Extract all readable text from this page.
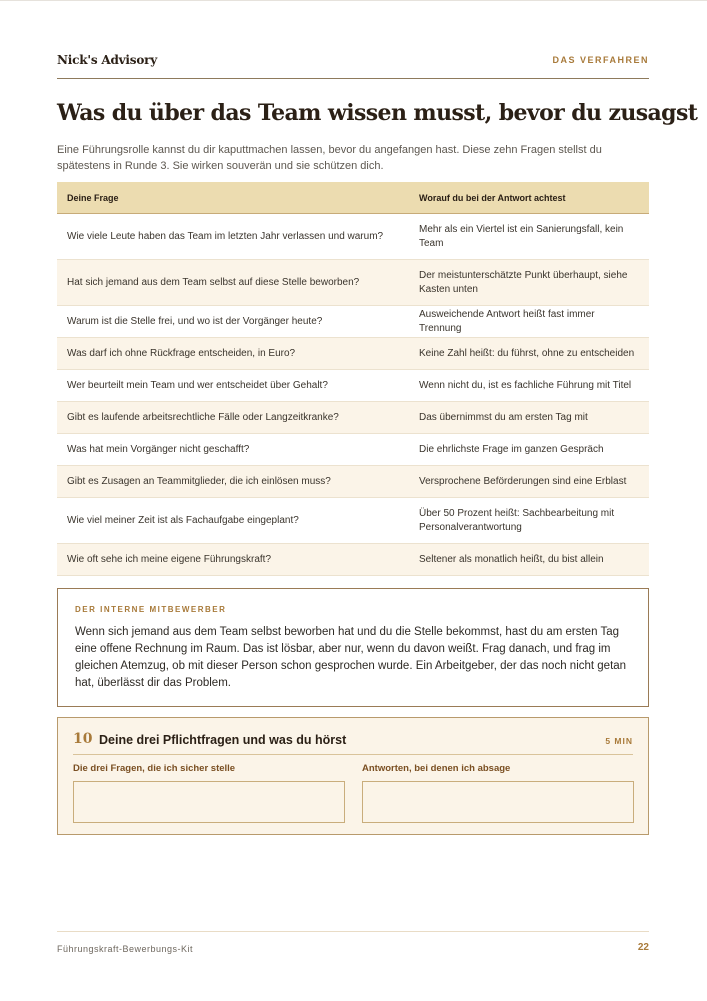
Nick's Advisory	DAS VERFAHREN
Was du über das Team wissen musst, bevor du zusagst

Eine Führungsrolle kannst du dir kaputtmachen lassen, bevor du angefangen hast. Diese zehn Fragen stellst du spätestens in Runde 3. Sie wirken souverän und sie schützen dich.

Deine Frage	Worauf du bei der Antwort achtest
Wie viele Leute haben das Team im letzten Jahr verlassen und warum?	Mehr als ein Viertel ist ein Sanierungsfall, kein Team
Hat sich jemand aus dem Team selbst auf diese Stelle beworben?	Der meistunterschätzte Punkt überhaupt, siehe Kasten unten
Warum ist die Stelle frei, und wo ist der Vorgänger heute?	Ausweichende Antwort heißt fast immer Trennung
Was darf ich ohne Rückfrage entscheiden, in Euro?	Keine Zahl heißt: du führst, ohne zu entscheiden
Wer beurteilt mein Team und wer entscheidet über Gehalt?	Wenn nicht du, ist es fachliche Führung mit Titel
Gibt es laufende arbeitsrechtliche Fälle oder Langzeitkranke?	Das übernimmst du am ersten Tag mit
Was hat mein Vorgänger nicht geschafft?	Die ehrlichste Frage im ganzen Gespräch
Gibt es Zusagen an Teammitglieder, die ich einlösen muss?	Versprochene Beförderungen sind eine Erblast
Wie viel meiner Zeit ist als Fachaufgabe eingeplant?	Über 50 Prozent heißt: Sachbearbeitung mit Personalverantwortung
Wie oft sehe ich meine eigene Führungskraft?	Seltener als monatlich heißt, du bist allein
DER INTERNE MITBEWERBER
Wenn sich jemand aus dem Team selbst beworben hat und du die Stelle bekommst, hast du am ersten Tag eine offene Rechnung im Raum. Das ist lösbar, aber nur, wenn du davon weißt. Frag danach, und frag im gleichen Atemzug, ob mit dieser Person schon gesprochen wurde. Ein Arbeitgeber, der das noch nicht getan hat, überlässt dir das Problem.
10 Deine drei Pflichtfragen und was du hörst	5 MIN
Die drei Fragen, die ich sicher stelle	Antworten, bei denen ich absage
Führungskraft-Bewerbungs-Kit	22
